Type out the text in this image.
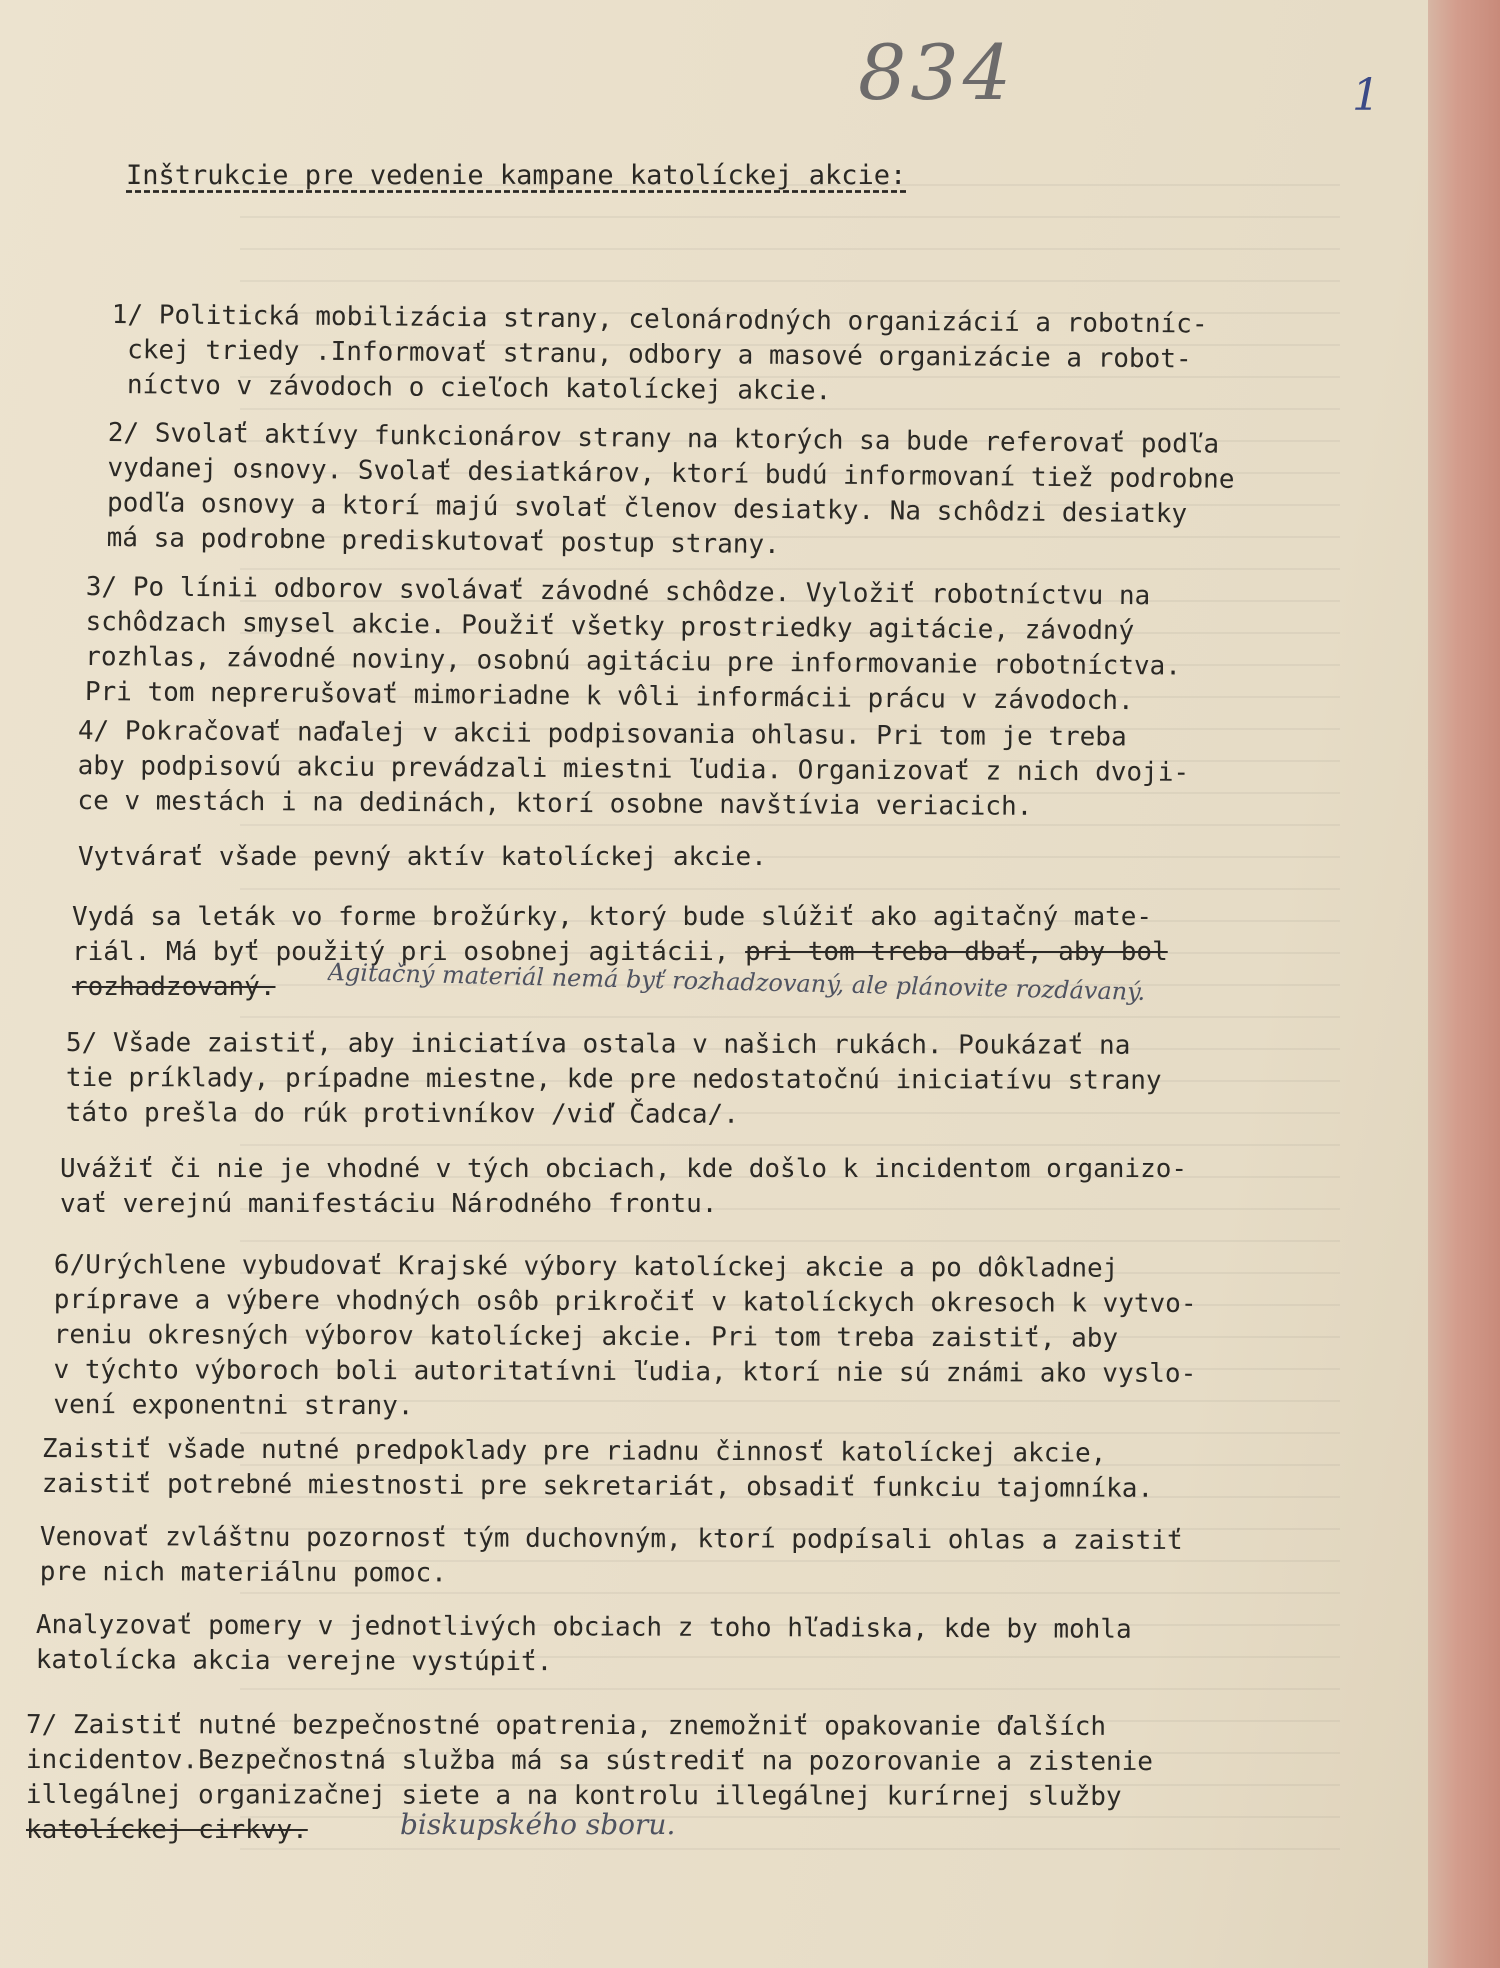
834	1
Inštrukcie pre vedenie kampane katolíckej akcie:
1/ Politická mobilizácia strany, celonárodných organizácií a robotníc-
ckej triedy .Informovať stranu, odbory a masové organizácie a robot-
níctvo v závodoch o cieľoch katolíckej akcie.
2/ Svolať aktívy funkcionárov strany na ktorých sa bude referovať podľa
vydanej osnovy. Svolať desiatkárov, ktorí budú informovaní tiež podrobne
podľa osnovy a ktorí majú svolať členov desiatky. Na schôdzi desiatky
má sa podrobne prediskutovať postup strany.
3/ Po línii odborov svolávať závodné schôdze. Vyložiť robotníctvu na
schôdzach smysel akcie. Použiť všetky prostriedky agitácie, závodný
rozhlas, závodné noviny, osobnú agitáciu pre informovanie robotníctva.
Pri tom neprerušovať mimoriadne k vôli informácii prácu v závodoch.
4/ Pokračovať naďalej v akcii podpisovania ohlasu. Pri tom je treba
aby podpisovú akciu prevádzali miestni ľudia. Organizovať z nich dvoji-
ce v mestách i na dedinách, ktorí osobne navštívia veriacich.
Vytvárať všade pevný aktív katolíckej akcie.
Vydá sa leták vo forme brožúrky, ktorý bude slúžiť ako agitačný mate-
riál. Má byť použitý pri osobnej agitácii, pri tom treba dbať, aby bol
rozhadzovaný.	Agitačný materiál nemá byť rozhadzovaný, ale plánovite rozdávaný.
5/ Všade zaistiť, aby iniciatíva ostala v našich rukách. Poukázať na
tie príklady, prípadne miestne, kde pre nedostatočnú iniciatívu strany
táto prešla do rúk protivníkov /viď Čadca/.
Uvážiť či nie je vhodné v tých obciach, kde došlo k incidentom organizo-
vať verejnú manifestáciu Národného frontu.
6/Urýchlene vybudovať Krajské výbory katolíckej akcie a po dôkladnej
príprave a výbere vhodných osôb prikročiť v katolíckych okresoch k vytvo-
reniu okresných výborov katolíckej akcie. Pri tom treba zaistiť, aby
v týchto výboroch boli autoritatívni ľudia, ktorí nie sú známi ako vyslo-
vení exponentni strany.
Zaistiť všade nutné predpoklady pre riadnu činnosť katolíckej akcie,
zaistiť potrebné miestnosti pre sekretariát, obsadiť funkciu tajomníka.
Venovať zvláštnu pozornosť tým duchovným, ktorí podpísali ohlas a zaistiť
pre nich materiálnu pomoc.
Analyzovať pomery v jednotlivých obciach z toho hľadiska, kde by mohla
katolícka akcia verejne vystúpiť.
7/ Zaistiť nutné bezpečnostné opatrenia, znemožniť opakovanie ďalších
incidentov.Bezpečnostná služba má sa sústrediť na pozorovanie a zistenie
illegálnej organizačnej siete a na kontrolu illegálnej kurírnej služby
katolíckej cirkvy.	biskupského sboru.
